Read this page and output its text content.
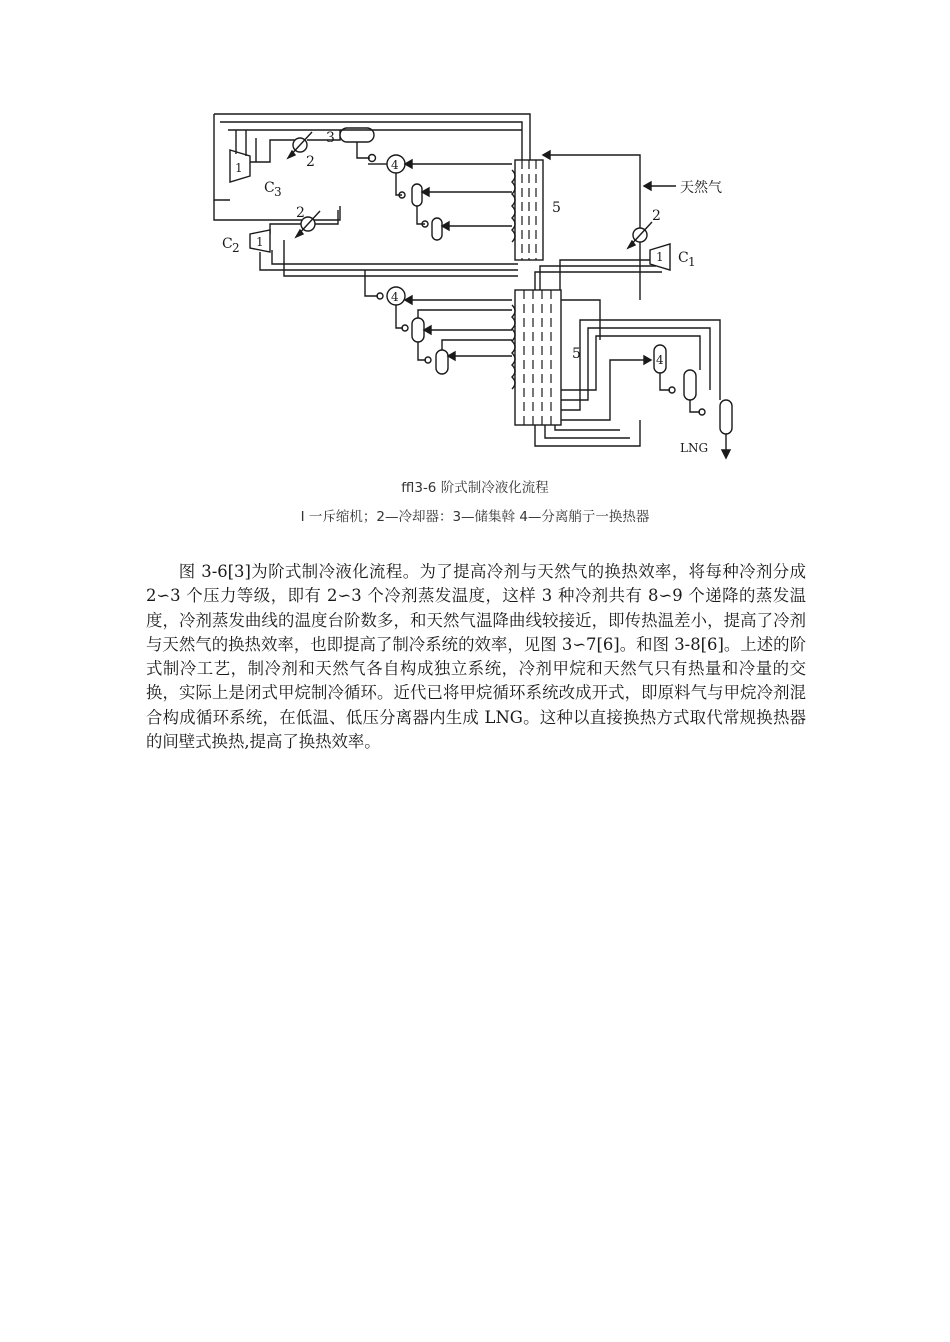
1
C 3
2
3
4
5
天然气
2
1 C 1
2
1
C 2
4
5	4
LNG
ffl3-6 阶式制冷液化流程
I 一斥缩机；2—冷却器：3—储集斡 4—分离艄亍一换热器

图 3-6[3]为阶式制冷液化流程。为了提高冷剂与天然气的换热效率，将每种冷剂分成 2∽3 个压力等级，即有 2∽3 个冷剂蒸发温度，这样 3 种冷剂共有 8∽9 个递降的蒸发温度，冷剂蒸发曲线的温度台阶数多，和天然气温降曲线较接近，即传热温差小，提高了冷剂与天然气的换热效率，也即提高了制冷系统的效率，见图 3∽7[6]。和图 3-8[6]。上述的阶式制冷工艺，制冷剂和天然气各自构成独立系统，冷剂甲烷和天然气只有热量和冷量的交换，实际上是闭式甲烷制冷循环。近代已将甲烷循环系统改成开式，即原料气与甲烷冷剂混合构成循环系统，在低温、低压分离器内生成 LNG。这种以直接换热方式取代常规换热器的间壁式换热,提高了换热效率。
